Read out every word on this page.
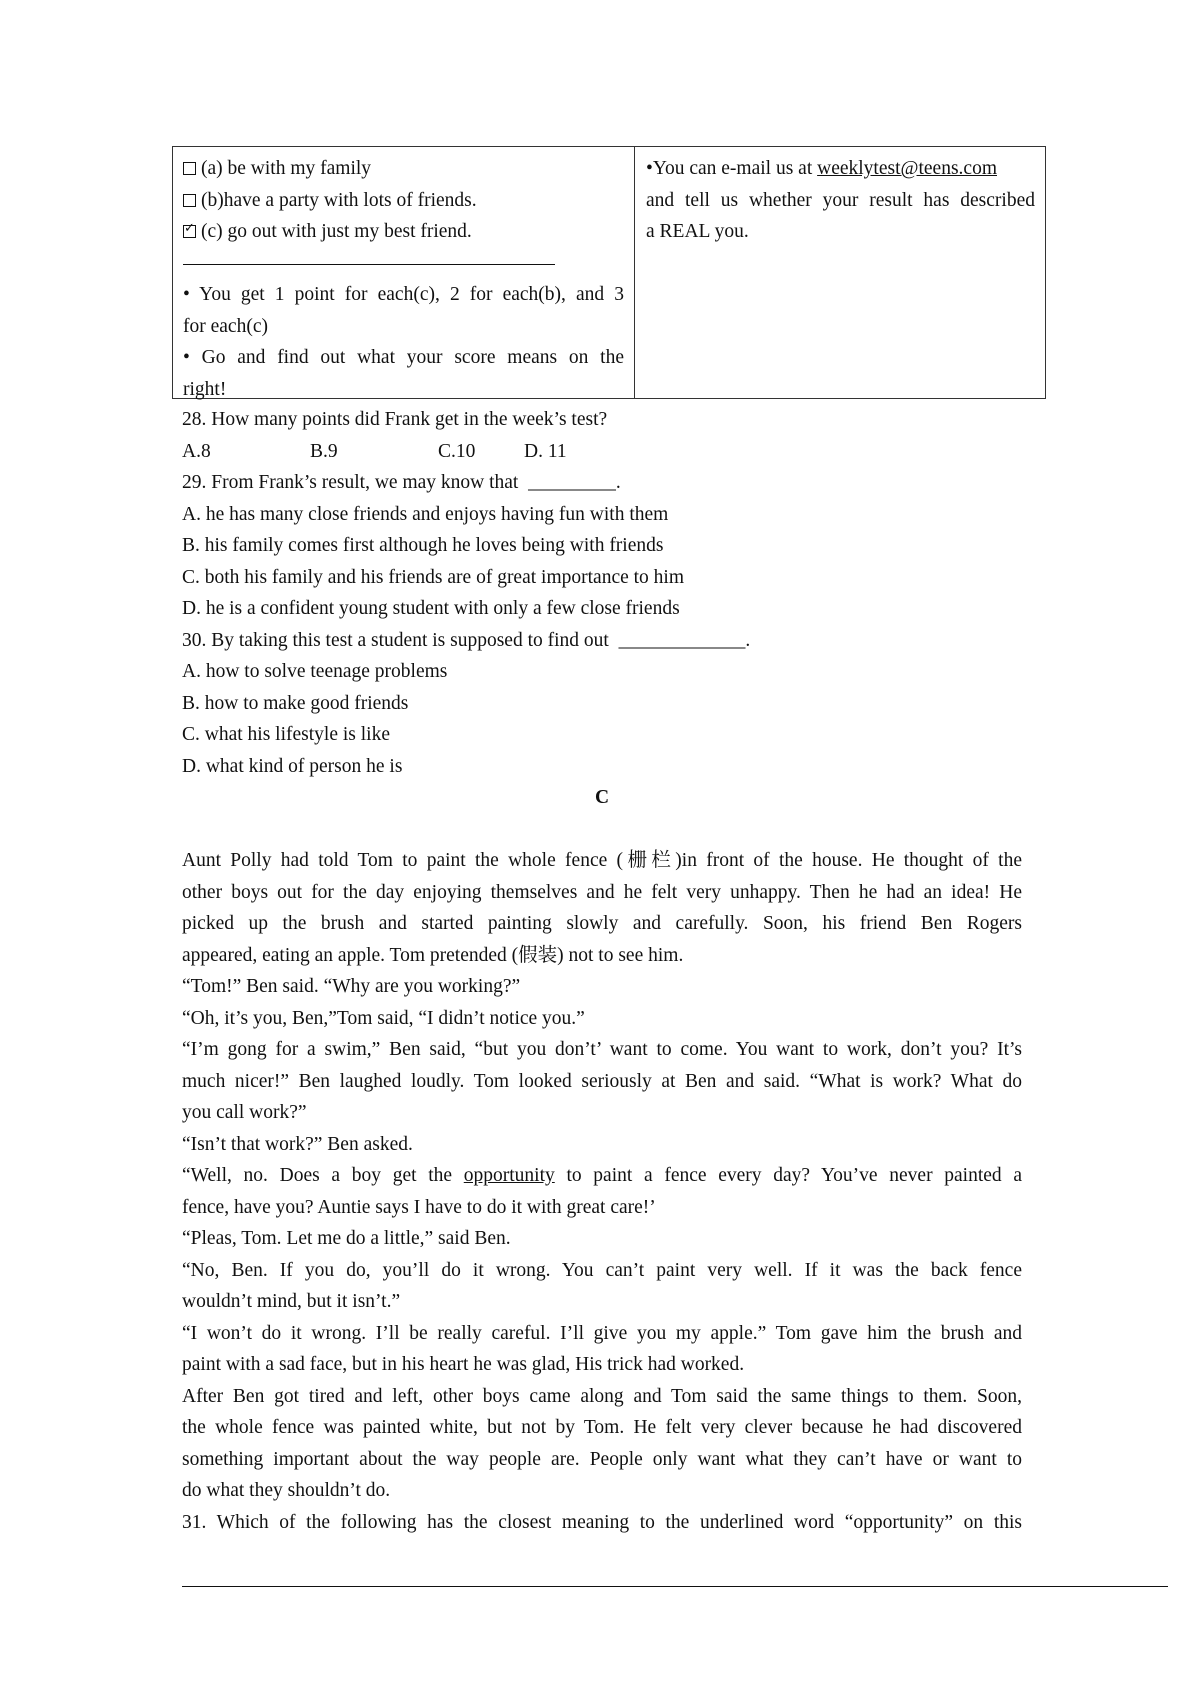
(a) be with my family
(b)have a party with lots of friends.
✓(c) go out with just my best friend.
• You get 1 point for each(c), 2 for each(b), and 3
for each(c)
• Go and find out what your score means on the
right!
•You can e-mail us at weeklytest@teens.com
and tell us whether your result has described
a REAL you.
28. How many points did Frank get in the week’s test?
A.8	B.9	C.10 D. 11
29. From Frank’s result, we may know that _________.
A. he has many close friends and enjoys having fun with them
B. his family comes first although he loves being with friends
C. both his family and his friends are of great importance to him
D. he is a confident young student with only a few close friends
30. By taking this test a student is supposed to find out _____________.
A. how to solve teenage problems
B. how to make good friends
C. what his lifestyle is like
D. what kind of person he is
C
Aunt Polly had told Tom to paint the whole fence (栅栏)in front of the house. He thought of the
other boys out for the day enjoying themselves and he felt very unhappy. Then he had an idea! He
picked up the brush and started painting slowly and carefully. Soon, his friend Ben Rogers
appeared, eating an apple. Tom pretended (假装) not to see him.
“Tom!” Ben said. “Why are you working?”
“Oh, it’s you, Ben,”Tom said, “I didn’t notice you.”
“I’m gong for a swim,” Ben said, “but you don’t’ want to come. You want to work, don’t you? It’s
much nicer!” Ben laughed loudly. Tom looked seriously at Ben and said. “What is work? What do
you call work?”
“Isn’t that work?” Ben asked.
“Well, no. Does a boy get the opportunity to paint a fence every day? You’ve never painted a
fence, have you? Auntie says I have to do it with great care!’
“Pleas, Tom. Let me do a little,” said Ben.
“No, Ben. If you do, you’ll do it wrong. You can’t paint very well. If it was the back fence
wouldn’t mind, but it isn’t.”
“I won’t do it wrong. I’ll be really careful. I’ll give you my apple.” Tom gave him the brush and
paint with a sad face, but in his heart he was glad, His trick had worked.
After Ben got tired and left, other boys came along and Tom said the same things to them. Soon,
the whole fence was painted white, but not by Tom. He felt very clever because he had discovered
something important about the way people are. People only want what they can’t have or want to
do what they shouldn’t do.
31. Which of the following has the closest meaning to the underlined word “opportunity” on this
